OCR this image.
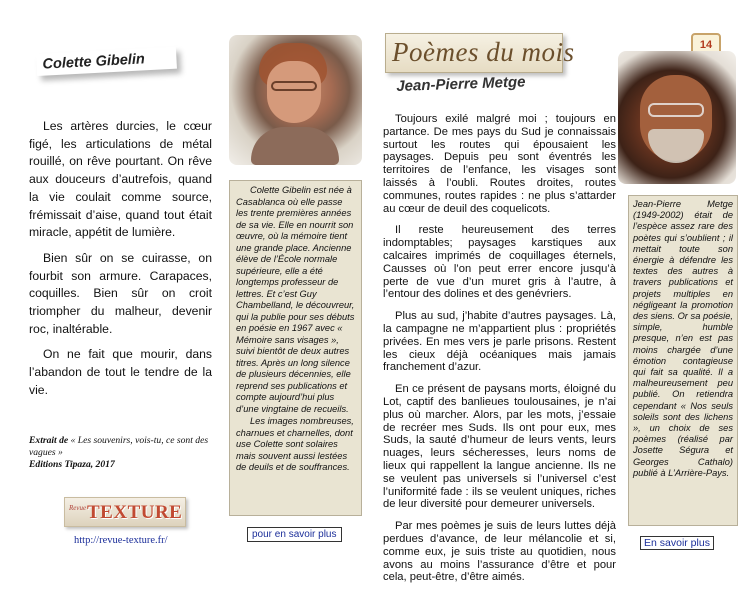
Colette Gibelin

Les artères durcies, le cœur figé, les articulations de métal rouillé, on rêve pourtant. On rêve aux douceurs d’autrefois, quand la vie coulait comme source, frémissait d’aise, quand tout était miracle, appétit de lumière.

Bien sûr on se cuirasse, on fourbit son armure. Carapaces, coquilles. Bien sûr on croit triompher du malheur, devenir roc, inaltérable.

On ne fait que mourir, dans l’abandon de tout le tendre de la vie.

Extrait de « Les souvenirs, vois-tu, ce sont des vagues »
Editions Tipaza, 2017
Revue TEXTURE
http://revue-texture.fr/

Colette Gibelin est née à Casablanca où elle passe les trente premières années de sa vie. Elle en nourrit son œuvre, où la mémoire tient une grande place. Ancienne élève de l’École normale supérieure, elle a été longtemps professeur de lettres. Et c’est Guy Chambelland, le découvreur, qui la publie pour ses débuts en poésie en 1967 avec « Mémoire sans visages », suivi bientôt de deux autres titres. Après un long silence de plusieurs décennies, elle reprend ses publications et compte aujourd’hui plus d’une vingtaine de recueils.

Les images nombreuses, charnues et charnelles, dont use Colette sont solaires mais souvent aussi lestées de deuils et de souffrances.

pour en savoir plus
Poèmes du mois
Jean-Pierre Metge
14

Toujours exilé malgré moi ; toujours en partance. De mes pays du Sud je connaissais surtout les routes qui épousaient les paysages. Depuis peu sont éventrés les territoires de l’enfance, les visages sont laissés à l’oubli. Routes droites, routes communes, routes rapides : ne plus s’attarder au cœur de deuil des coquelicots.

Il reste heureusement des terres indomptables; paysages karstiques aux calcaires imprimés de coquillages éternels, Causses où l’on peut errer encore jusqu’à perte de vue d’un muret gris à l’autre, à l’entour des dolines et des genévriers.

Plus au sud, j’habite d’autres paysages. Là, la campagne ne m’appartient plus : propriétés privées. En mes vers je parle prisons. Restent les cieux déjà océaniques mais jamais franchement d’azur.

En ce présent de paysans morts, éloigné du Lot, captif des banlieues toulousaines, je n’ai plus où marcher. Alors, par les mots, j’essaie de recréer mes Suds. Ils ont pour eux, mes Suds, la sauté d’humeur de leurs vents, leurs nuages, leurs sécheresses, leurs noms de lieux qui rappellent la langue ancienne. Ils ne se veulent pas universels si l’universel c’est l’uniformité fade : ils se veulent uniques, riches de leur diversité pour demeurer universels.

Par mes poèmes je suis de leurs luttes déjà perdues d’avance, de leur mélancolie et si, comme eux, je suis triste au quotidien, nous avons au moins l’assurance d’être et pour cela, peut-être, d’être aimés.

Jean-Pierre Metge (1949-2002) était de l’espèce assez rare des poètes qui s’oublient ; il mettait toute son énergie à défendre les textes des autres à travers publications et projets multiples en négligeant la promotion des siens. Or sa poésie, simple, humble presque, n’en est pas moins chargée d’une émotion contagieuse qui fait sa qualité. Il a malheureusement peu publié. On retiendra cependant « Nos seuls soleils sont des lichens », un choix de ses poèmes (réalisé par Josette Ségura et Georges Cathalo) publié à L’Arrière-Pays.
En savoir plus
